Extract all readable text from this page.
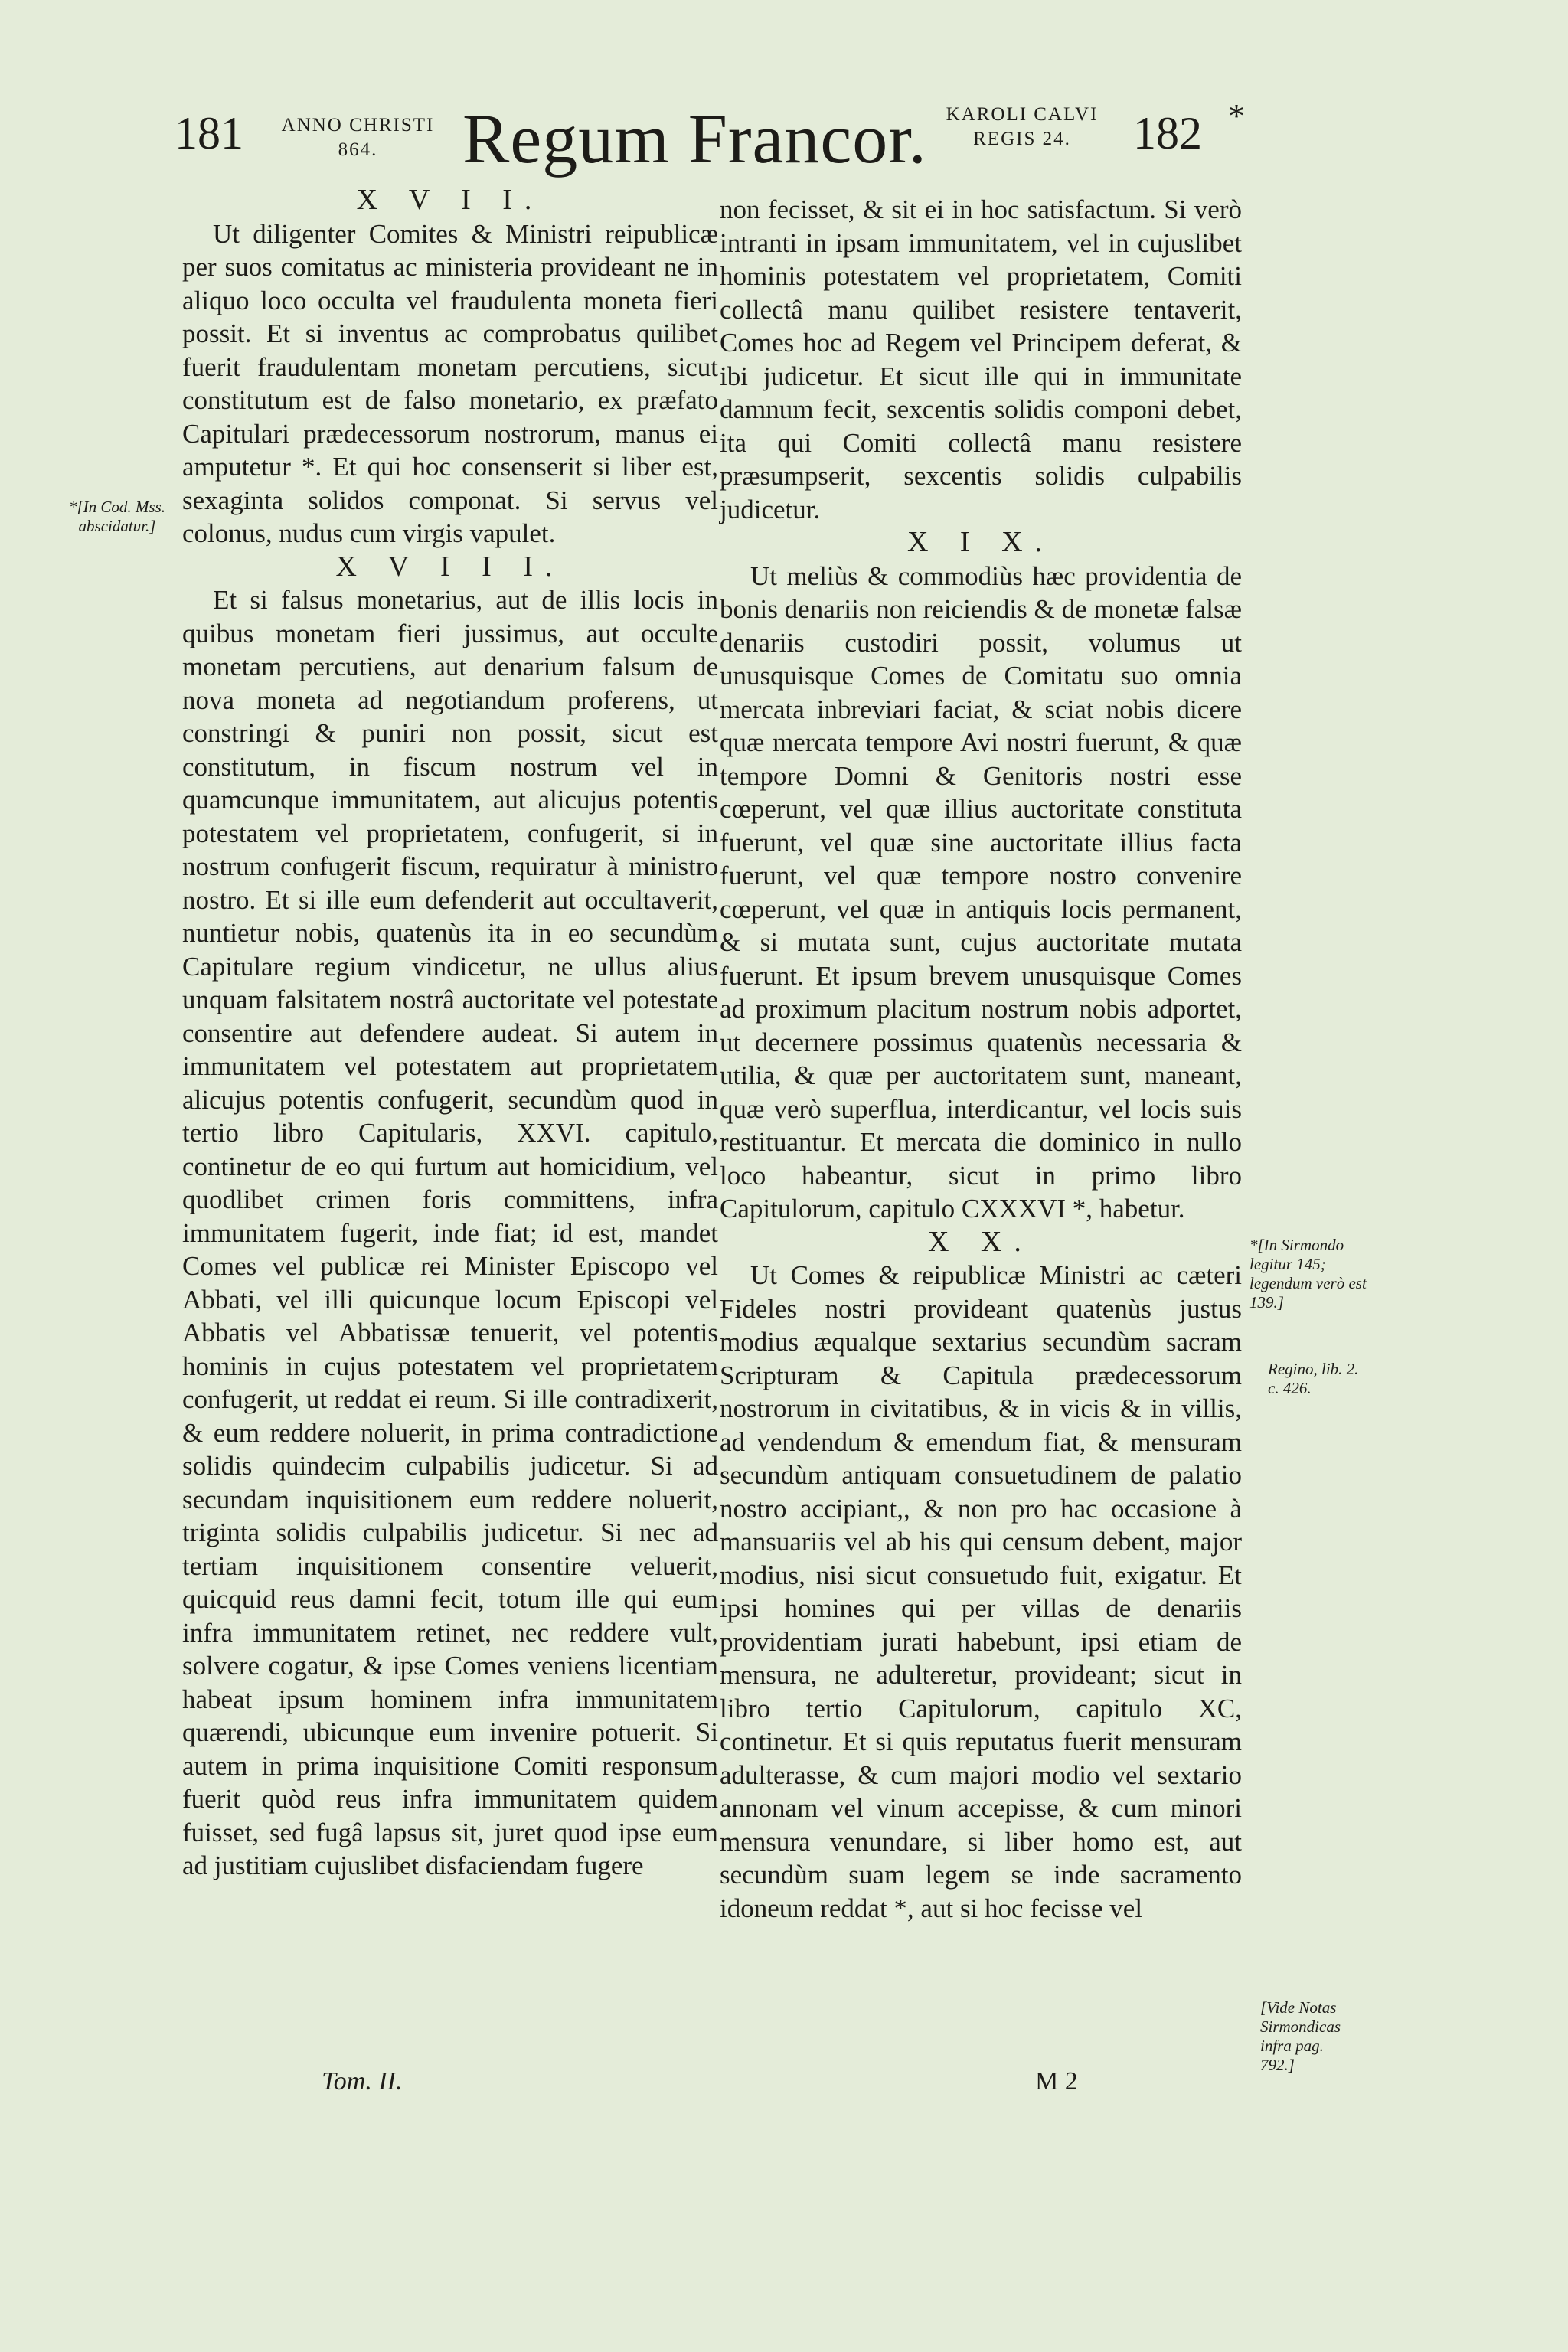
181	ANNO CHRISTI
864.	Regum Francor. KAROLI CALVI
REGIS 24.	182 *

X V I I.

Ut diligenter Comites & Ministri reipublicæ per suos comitatus ac ministeria provideant ne in aliquo loco occulta vel fraudulenta moneta fieri possit. Et si inventus ac comprobatus quilibet fuerit fraudulentam monetam percutiens, sicut constitutum est de falso monetario, ex præfato Capitulari prædecessorum nostrorum, manus ei amputetur *. Et qui hoc consenserit si liber est, sexaginta solidos componat. Si servus vel colonus, nudus cum virgis vapulet.

X V I I I.

Et si falsus monetarius, aut de illis locis in quibus monetam fieri jussimus, aut occulte monetam percutiens, aut denarium falsum de nova moneta ad negotiandum proferens, ut constringi & puniri non possit, sicut est constitutum, in fiscum nostrum vel in quamcunque immunitatem, aut alicujus potentis potestatem vel proprietatem, confugerit, si in nostrum confugerit fiscum, requiratur à ministro nostro. Et si ille eum defenderit aut occultaverit, nuntietur nobis, quatenùs ita in eo secundùm Capitulare regium vindicetur, ne ullus alius unquam falsitatem nostrâ auctoritate vel potestate consentire aut defendere audeat. Si autem in immunitatem vel potestatem aut proprietatem alicujus potentis confugerit, secundùm quod in tertio libro Capitularis, XXVI. capitulo, continetur de eo qui furtum aut homicidium, vel quodlibet crimen foris committens, infra immunitatem fugerit, inde fiat; id est, mandet Comes vel publicæ rei Minister Episcopo vel Abbati, vel illi quicunque locum Episcopi vel Abbatis vel Abbatissæ tenuerit, vel potentis hominis in cujus potestatem vel proprietatem confugerit, ut reddat ei reum. Si ille contradixerit, & eum reddere noluerit, in prima contradictione solidis quindecim culpabilis judicetur. Si ad secundam inquisitionem eum reddere noluerit, triginta solidis culpabilis judicetur. Si nec ad tertiam inquisitionem consentire veluerit, quicquid reus damni fecit, totum ille qui eum infra immunitatem retinet, nec reddere vult, solvere cogatur, & ipse Comes veniens licentiam habeat ipsum hominem infra immunitatem quærendi, ubicunque eum invenire potuerit. Si autem in prima inquisitione Comiti responsum fuerit quòd reus infra immunitatem quidem fuisset, sed fugâ lapsus sit, juret quod ipse eum ad justitiam cujuslibet disfaciendam fugere

non fecisset, & sit ei in hoc satisfactum. Si verò intranti in ipsam immunitatem, vel in cujuslibet hominis potestatem vel proprietatem, Comiti collectâ manu quilibet resistere tentaverit, Comes hoc ad Regem vel Principem deferat, & ibi judicetur. Et sicut ille qui in immunitate damnum fecit, sexcentis solidis componi debet, ita qui Comiti collectâ manu resistere præsumpserit, sexcentis solidis culpabilis judicetur.

X I X.

Ut meliùs & commodiùs hæc providentia de bonis denariis non reiciendis & de monetæ falsæ denariis custodiri possit, volumus ut unusquisque Comes de Comitatu suo omnia mercata inbreviari faciat, & sciat nobis dicere quæ mercata tempore Avi nostri fuerunt, & quæ tempore Domni & Genitoris nostri esse cœperunt, vel quæ illius auctoritate constituta fuerunt, vel quæ sine auctoritate illius facta fuerunt, vel quæ tempore nostro convenire cœperunt, vel quæ in antiquis locis permanent, & si mutata sunt, cujus auctoritate mutata fuerunt. Et ipsum brevem unusquisque Comes ad proximum placitum nostrum nobis adportet, ut decernere possimus quatenùs necessaria & utilia, & quæ per auctoritatem sunt, maneant, quæ verò superflua, interdicantur, vel locis suis restituantur. Et mercata die dominico in nullo loco habeantur, sicut in primo libro Capitulorum, capitulo CXXXVI *, habetur.

X X.

Ut Comes & reipublicæ Ministri ac cæteri Fideles nostri provideant quatenùs justus modius æqualque sextarius secundùm sacram Scripturam & Capitula prædecessorum nostrorum in civitatibus, & in vicis & in villis, ad vendendum & emendum fiat, & mensuram secundùm antiquam consuetudinem de palatio nostro accipiant,, & non pro hac occasione à mansuariis vel ab his qui censum debent, major modius, nisi sicut consuetudo fuit, exigatur. Et ipsi homines qui per villas de denariis providentiam jurati habebunt, ipsi etiam de mensura, ne adulteretur, provideant; sicut in libro tertio Capitulorum, capitulo XC, continetur. Et si quis reputatus fuerit mensuram adulterasse, & cum majori modio vel sextario annonam vel vinum accepisse, & cum minori mensura venundare, si liber homo est, aut secundùm suam legem se inde sacramento idoneum reddat *, aut si hoc fecisse vel

*[In Cod. Mss. abscidatur.]
*[In Sirmondo legitur 145; legendum verò est 139.]
Regino, lib. 2. c. 426.
[Vide Notas Sirmondicas infra pag. 792.]
Tom. II.	M 2
